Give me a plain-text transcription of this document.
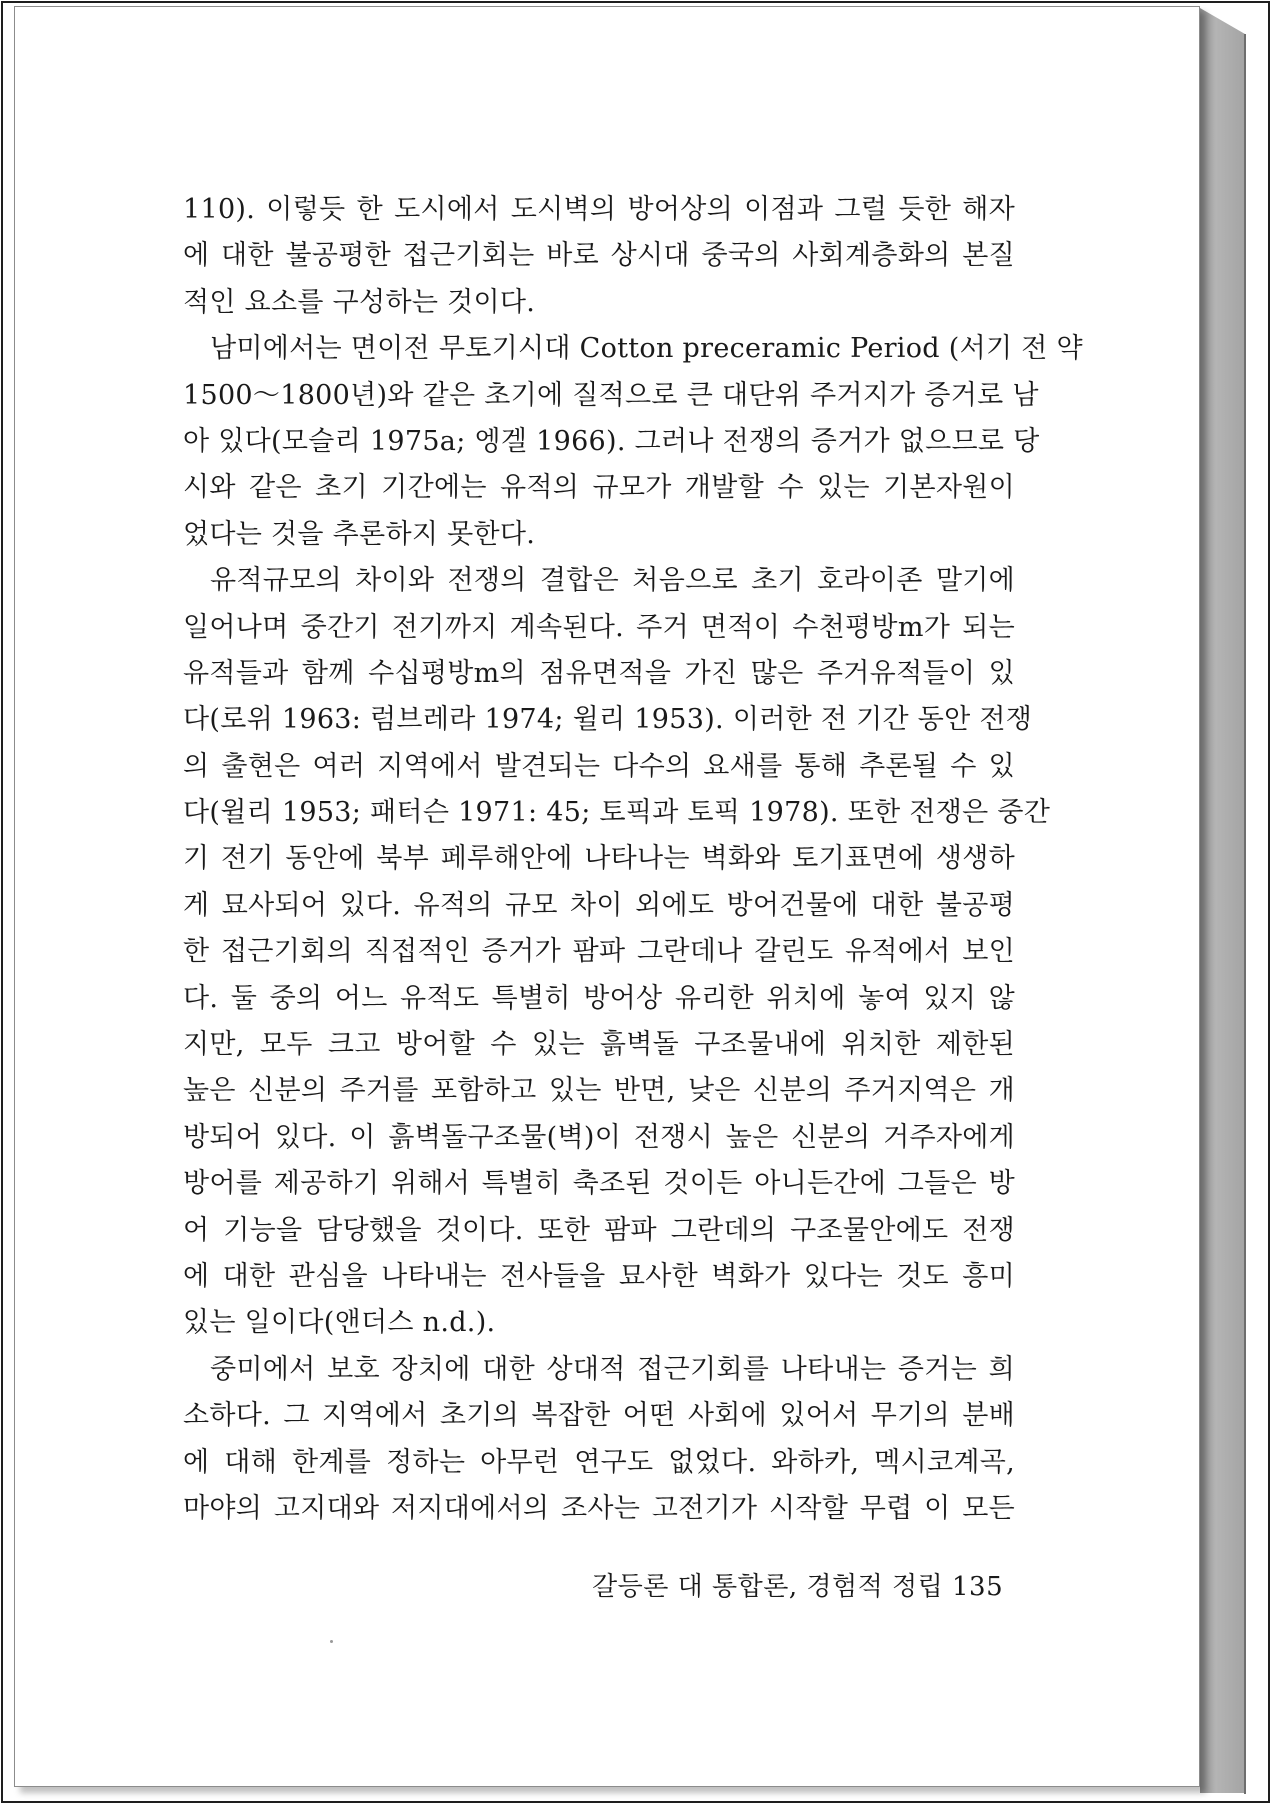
110). 이렇듯 한 도시에서 도시벽의 방어상의 이점과 그럴 듯한 해자
에 대한 불공평한 접근기회는 바로 상시대 중국의 사회계층화의 본질
적인 요소를 구성하는 것이다.
남미에서는 면이전 무토기시대 Cotton preceramic Period (서기 전 약
1500～1800년)와 같은 초기에 질적으로 큰 대단위 주거지가 증거로 남
아 있다(모슬리 1975a; 엥겔 1966). 그러나 전쟁의 증거가 없으므로 당
시와 같은 초기 기간에는 유적의 규모가 개발할 수 있는 기본자원이
었다는 것을 추론하지 못한다.
유적규모의 차이와 전쟁의 결합은 처음으로 초기 호라이존 말기에
일어나며 중간기 전기까지 계속된다. 주거 면적이 수천평방m가 되는
유적들과 함께 수십평방m의 점유면적을 가진 많은 주거유적들이 있
다(로위 1963: 럼브레라 1974; 윌리 1953). 이러한 전 기간 동안 전쟁
의 출현은 여러 지역에서 발견되는 다수의 요새를 통해 추론될 수 있
다(윌리 1953; 패터슨 1971: 45; 토픽과 토픽 1978). 또한 전쟁은 중간
기 전기 동안에 북부 페루해안에 나타나는 벽화와 토기표면에 생생하
게 묘사되어 있다. 유적의 규모 차이 외에도 방어건물에 대한 불공평
한 접근기회의 직접적인 증거가 팜파 그란데나 갈린도 유적에서 보인
다. 둘 중의 어느 유적도 특별히 방어상 유리한 위치에 놓여 있지 않
지만, 모두 크고 방어할 수 있는 흙벽돌 구조물내에 위치한 제한된
높은 신분의 주거를 포함하고 있는 반면, 낮은 신분의 주거지역은 개
방되어 있다. 이 흙벽돌구조물(벽)이 전쟁시 높은 신분의 거주자에게
방어를 제공하기 위해서 특별히 축조된 것이든 아니든간에 그들은 방
어 기능을 담당했을 것이다. 또한 팜파 그란데의 구조물안에도 전쟁
에 대한 관심을 나타내는 전사들을 묘사한 벽화가 있다는 것도 흥미
있는 일이다(앤더스 n.d.).
중미에서 보호 장치에 대한 상대적 접근기회를 나타내는 증거는 희
소하다. 그 지역에서 초기의 복잡한 어떤 사회에 있어서 무기의 분배
에 대해 한계를 정하는 아무런 연구도 없었다. 와하카, 멕시코계곡,
마야의 고지대와 저지대에서의 조사는 고전기가 시작할 무렵 이 모든
갈등론 대 통합론, 경험적 정립 135
